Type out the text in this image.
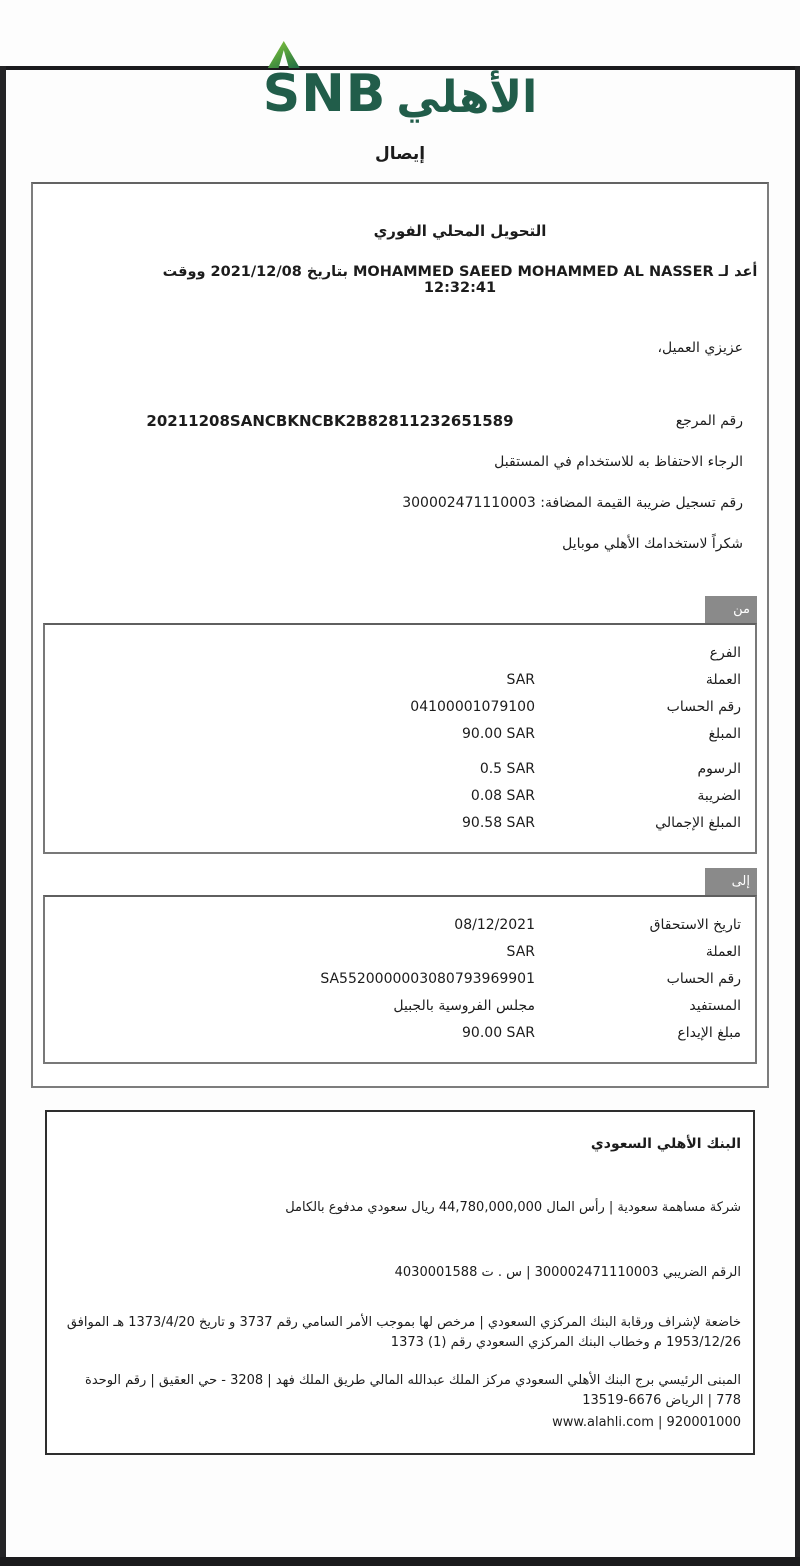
SNB الأهلي
إيصال
التحويل المحلي الفوري
أعد لـ MOHAMMED SAEED MOHAMMED AL NASSER بتاريخ 2021/12/08 ووقت 12:32:41
عزيزي العميل،
رقم المرجع
20211208SANCBKNCBK2B82811232651589
الرجاء الاحتفاظ به للاستخدام في المستقبل
رقم تسجيل ضريبة القيمة المضافة: 300002471110003
شكراً لاستخدامك الأهلي موبايل
من
الفرع
العملة
SAR
رقم الحساب
04100001079100
المبلغ
90.00 SAR
الرسوم
0.5 SAR
الضريبة
0.08 SAR
المبلغ الإجمالي
90.58 SAR
إلى
تاريخ الاستحقاق
08/12/2021
العملة
SAR
رقم الحساب
SA5520000003080793969901
المستفيد
مجلس الفروسية بالجبيل
مبلغ الإيداع
90.00 SAR
البنك الأهلي السعودي
شركة مساهمة سعودية | رأس المال 44,780,000,000 ريال سعودي مدفوع بالكامل
الرقم الضريبي 300002471110003 | س . ت 4030001588
خاضعة لإشراف ورقابة البنك المركزي السعودي | مرخص لها بموجب الأمر السامي رقم 3737 و تاريخ 1373/4/20 هـ الموافق 1953/12/26 م وخطاب البنك المركزي السعودي رقم (1) 1373
المبنى الرئيسي برج البنك الأهلي السعودي مركز الملك عبدالله المالي طريق الملك فهد | 3208 - حي العقيق | رقم الوحدة 778 | الرياض 6676-13519
www.alahli.com | 920001000
